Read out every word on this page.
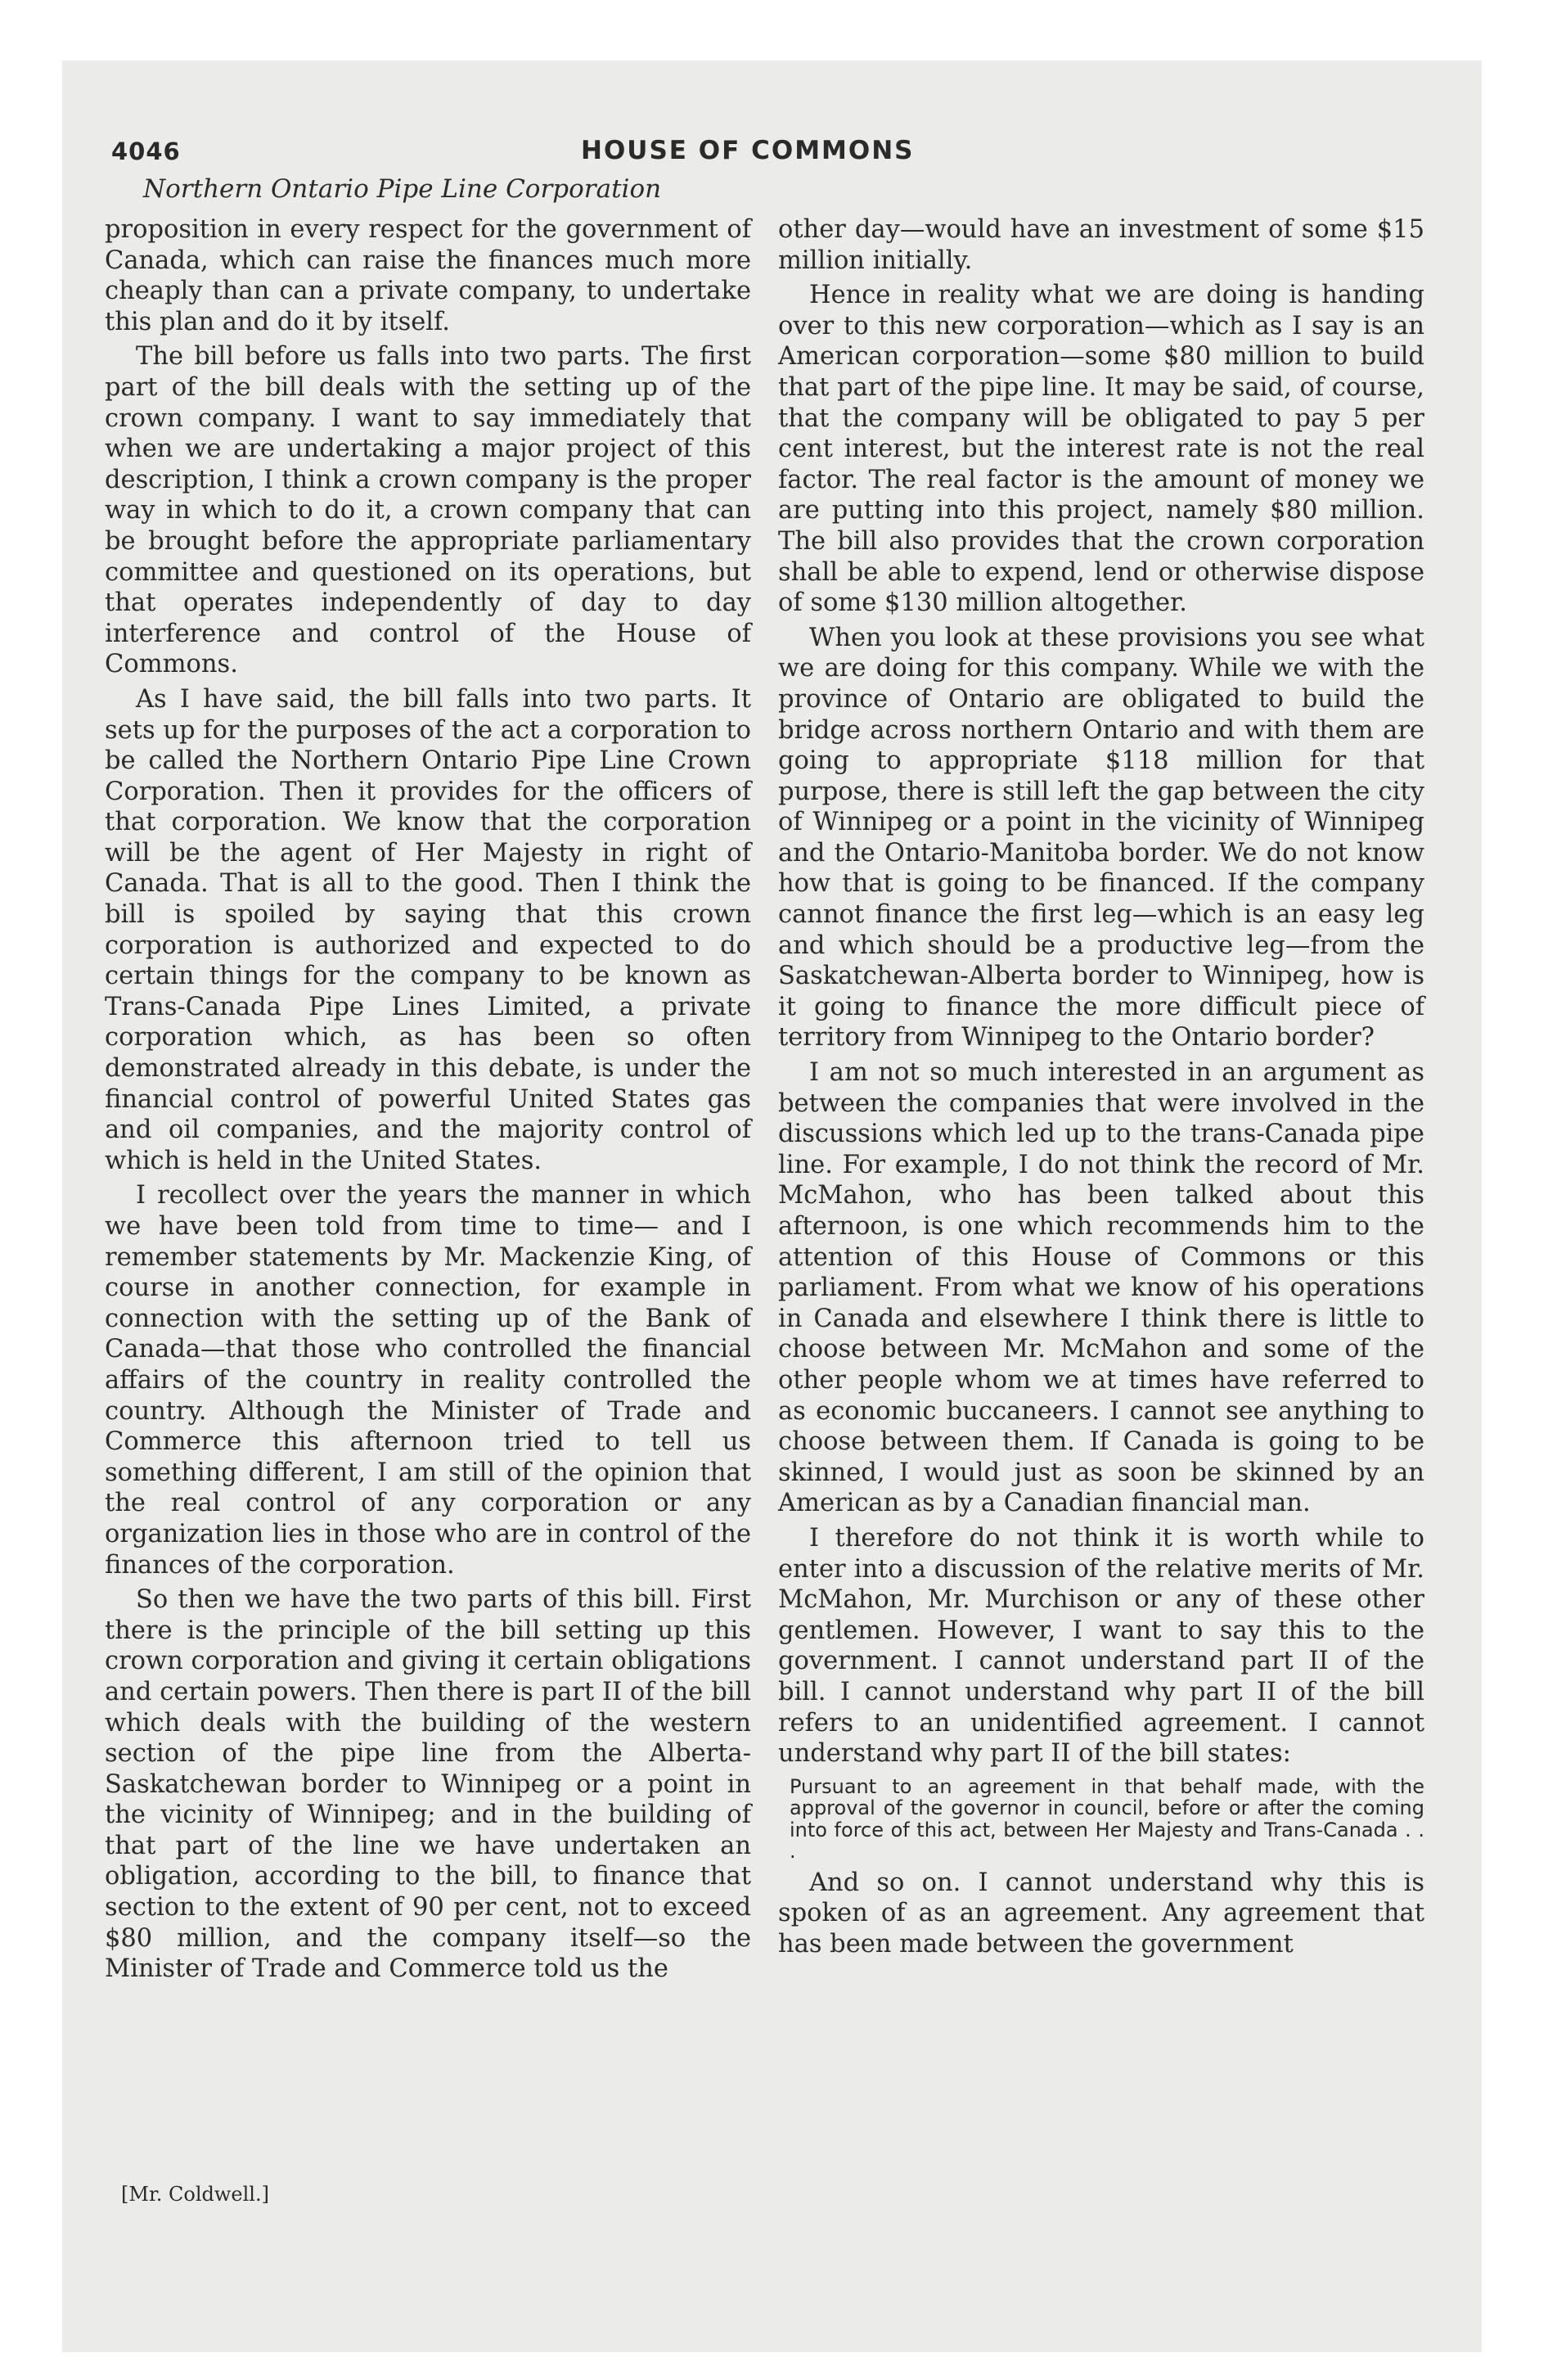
4046	HOUSE OF COMMONS
Northern Ontario Pipe Line Corporation

proposition in every respect for the government of Canada, which can raise the finances much more cheaply than can a private company, to undertake this plan and do it by itself.

The bill before us falls into two parts. The first part of the bill deals with the setting up of the crown company. I want to say immediately that when we are undertaking a major project of this description, I think a crown company is the proper way in which to do it, a crown company that can be brought before the appropriate parliamentary committee and questioned on its operations, but that operates independently of day to day interference and control of the House of Commons.

As I have said, the bill falls into two parts. It sets up for the purposes of the act a corporation to be called the Northern Ontario Pipe Line Crown Corporation. Then it provides for the officers of that corporation. We know that the corporation will be the agent of Her Majesty in right of Canada. That is all to the good. Then I think the bill is spoiled by saying that this crown corporation is authorized and expected to do certain things for the company to be known as Trans-Canada Pipe Lines Limited, a private corporation which, as has been so often demonstrated already in this debate, is under the financial control of powerful United States gas and oil companies, and the majority control of which is held in the United States.

I recollect over the years the manner in which we have been told from time to time— and I remember statements by Mr. Mackenzie King, of course in another connection, for example in connection with the setting up of the Bank of Canada—that those who controlled the financial affairs of the country in reality controlled the country. Although the Minister of Trade and Commerce this afternoon tried to tell us something different, I am still of the opinion that the real control of any corporation or any organization lies in those who are in control of the finances of the corporation.

So then we have the two parts of this bill. First there is the principle of the bill setting up this crown corporation and giving it certain obligations and certain powers. Then there is part II of the bill which deals with the building of the western section of the pipe line from the Alberta-Saskatchewan border to Winnipeg or a point in the vicinity of Winnipeg; and in the building of that part of the line we have undertaken an obligation, according to the bill, to finance that section to the extent of 90 per cent, not to exceed $80 million, and the company itself—so the Minister of Trade and Commerce told us the

other day—would have an investment of some $15 million initially.

Hence in reality what we are doing is handing over to this new corporation—which as I say is an American corporation—some $80 million to build that part of the pipe line. It may be said, of course, that the company will be obligated to pay 5 per cent interest, but the interest rate is not the real factor. The real factor is the amount of money we are putting into this project, namely $80 million. The bill also provides that the crown corporation shall be able to expend, lend or otherwise dispose of some $130 million altogether.

When you look at these provisions you see what we are doing for this company. While we with the province of Ontario are obligated to build the bridge across northern Ontario and with them are going to appropriate $118 million for that purpose, there is still left the gap between the city of Winnipeg or a point in the vicinity of Winnipeg and the Ontario-Manitoba border. We do not know how that is going to be financed. If the company cannot finance the first leg—which is an easy leg and which should be a productive leg—from the Saskatchewan-Alberta border to Winnipeg, how is it going to finance the more difficult piece of territory from Winnipeg to the Ontario border?

I am not so much interested in an argument as between the companies that were involved in the discussions which led up to the trans-Canada pipe line. For example, I do not think the record of Mr. McMahon, who has been talked about this afternoon, is one which recommends him to the attention of this House of Commons or this parliament. From what we know of his operations in Canada and elsewhere I think there is little to choose between Mr. McMahon and some of the other people whom we at times have referred to as economic buccaneers. I cannot see anything to choose between them. If Canada is going to be skinned, I would just as soon be skinned by an American as by a Canadian financial man.

I therefore do not think it is worth while to enter into a discussion of the relative merits of Mr. McMahon, Mr. Murchison or any of these other gentlemen. However, I want to say this to the government. I cannot understand part II of the bill. I cannot understand why part II of the bill refers to an unidentified agreement. I cannot understand why part II of the bill states:

Pursuant to an agreement in that behalf made, with the approval of the governor in council, before or after the coming into force of this act, between Her Majesty and Trans-Canada . . .

And so on. I cannot understand why this is spoken of as an agreement. Any agreement that has been made between the government

[Mr. Coldwell.]
